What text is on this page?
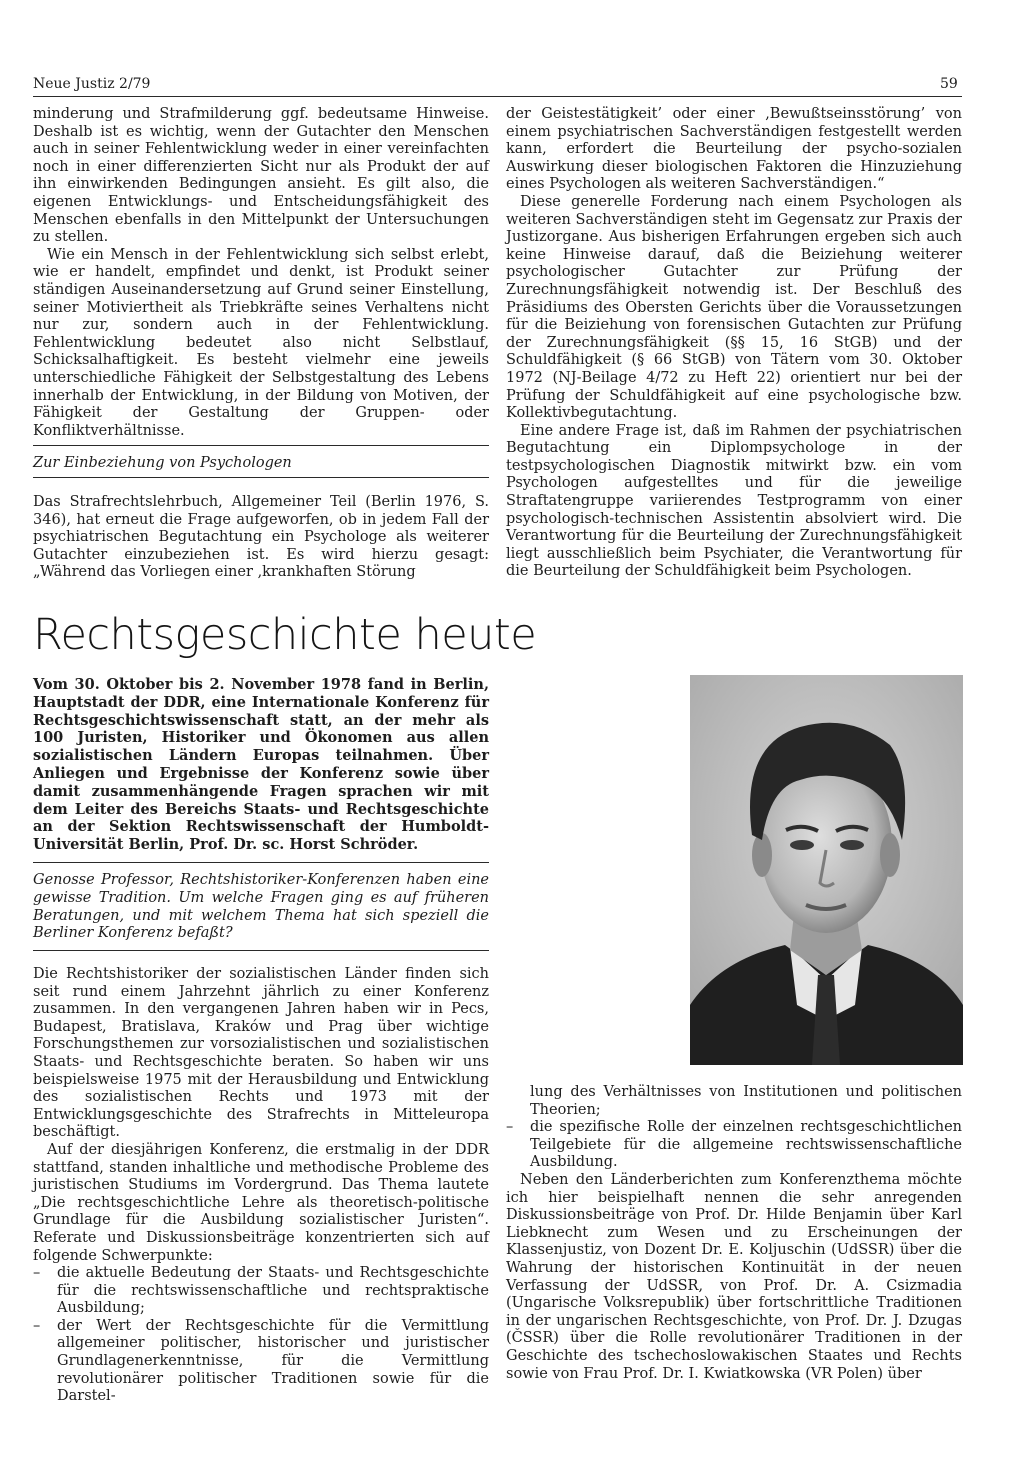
Neue Justiz 2/79	59

minderung und Strafmilderung ggf. bedeutsame Hinweise. Deshalb ist es wichtig, wenn der Gutachter den Menschen auch in seiner Fehlentwicklung weder in einer vereinfachten noch in einer differenzierten Sicht nur als Produkt der auf ihn einwirkenden Bedingungen ansieht. Es gilt also, die eigenen Entwicklungs- und Entscheidungsfähigkeit des Menschen ebenfalls in den Mittelpunkt der Untersuchungen zu stellen.

Wie ein Mensch in der Fehlentwicklung sich selbst erlebt, wie er handelt, empfindet und denkt, ist Produkt seiner ständigen Auseinandersetzung auf Grund seiner Einstellung, seiner Motiviertheit als Triebkräfte seines Verhaltens nicht nur zur, sondern auch in der Fehlentwicklung. Fehlentwicklung bedeutet also nicht Selbstlauf, Schicksalhaftigkeit. Es besteht vielmehr eine jeweils unterschiedliche Fähigkeit der Selbstgestaltung des Lebens innerhalb der Entwicklung, in der Bildung von Motiven, der Fähigkeit der Gestaltung der Gruppen- oder Konfliktverhältnisse.

Zur Einbeziehung von Psychologen

Das Strafrechtslehrbuch, Allgemeiner Teil (Berlin 1976, S. 346), hat erneut die Frage aufgeworfen, ob in jedem Fall der psychiatrischen Begutachtung ein Psychologe als weiterer Gutachter einzubeziehen ist. Es wird hierzu gesagt: „Während das Vorliegen einer ‚krankhaften Störung

der Geistestätigkeit’ oder einer ‚Bewußtseinsstörung’ von einem psychiatrischen Sachverständigen festgestellt werden kann, erfordert die Beurteilung der psycho-sozialen Auswirkung dieser biologischen Faktoren die Hinzuziehung eines Psychologen als weiteren Sachverständigen.“

Diese generelle Forderung nach einem Psychologen als weiteren Sachverständigen steht im Gegensatz zur Praxis der Justizorgane. Aus bisherigen Erfahrungen ergeben sich auch keine Hinweise darauf, daß die Beiziehung weiterer psychologischer Gutachter zur Prüfung der Zurechnungsfähigkeit notwendig ist. Der Beschluß des Präsidiums des Obersten Gerichts über die Voraussetzungen für die Beiziehung von forensischen Gutachten zur Prüfung der Zurechnungsfähigkeit (§§ 15, 16 StGB) und der Schuldfähigkeit (§ 66 StGB) von Tätern vom 30. Oktober 1972 (NJ-Beilage 4/72 zu Heft 22) orientiert nur bei der Prüfung der Schuldfähigkeit auf eine psychologische bzw. Kollektivbegutachtung.

Eine andere Frage ist, daß im Rahmen der psychiatrischen Begutachtung ein Diplompsychologe in der testpsychologischen Diagnostik mitwirkt bzw. ein vom Psychologen aufgestelltes und für die jeweilige Straftatengruppe variierendes Testprogramm von einer psychologisch-technischen Assistentin absolviert wird. Die Verantwortung für die Beurteilung der Zurechnungsfähigkeit liegt ausschließlich beim Psychiater, die Verantwortung für die Beurteilung der Schuldfähigkeit beim Psychologen.

Rechtsgeschichte heute
Vom 30. Oktober bis 2. November 1978 fand in Berlin, Hauptstadt der DDR, eine Internationale Konferenz für Rechtsgeschichtswissenschaft statt, an der mehr als 100 Juristen, Historiker und Ökonomen aus allen sozialistischen Ländern Europas teilnahmen. Über Anliegen und Ergebnisse der Konferenz sowie über damit zusammenhängende Fragen sprachen wir mit dem Leiter des Bereichs Staats- und Rechtsgeschichte an der Sektion Rechtswissenschaft der Humboldt-Universität Berlin, Prof. Dr. sc. Horst Schröder.
Genosse Professor, Rechtshistoriker-Konferenzen haben eine gewisse Tradition. Um welche Fragen ging es auf früheren Beratungen, und mit welchem Thema hat sich speziell die Berliner Konferenz befaßt?

Die Rechtshistoriker der sozialistischen Länder finden sich seit rund einem Jahrzehnt jährlich zu einer Konferenz zusammen. In den vergangenen Jahren haben wir in Pecs, Budapest, Bratislava, Kraków und Prag über wichtige Forschungsthemen zur vorsozialistischen und sozialistischen Staats- und Rechtsgeschichte beraten. So haben wir uns beispielsweise 1975 mit der Herausbildung und Entwicklung des sozialistischen Rechts und 1973 mit der Entwicklungsgeschichte des Strafrechts in Mitteleuropa beschäftigt.

Auf der diesjährigen Konferenz, die erstmalig in der DDR stattfand, standen inhaltliche und methodische Probleme des juristischen Studiums im Vordergrund. Das Thema lautete „Die rechtsgeschichtliche Lehre als theoretisch-politische Grundlage für die Ausbildung sozialistischer Juristen“. Referate und Diskussionsbeiträge konzentrierten sich auf folgende Schwerpunkte:

–	die aktuelle Bedeutung der Staats- und Rechtsgeschichte für die rechtswissenschaftliche und rechtspraktische Ausbildung;
–	der Wert der Rechtsgeschichte für die Vermittlung allgemeiner politischer, historischer und juristischer Grundlagenerkenntnisse, für die Vermittlung revolutionärer politischer Traditionen sowie für die Darstel-
lung des Verhältnisses von Institutionen und politischen Theorien;
–	die spezifische Rolle der einzelnen rechtsgeschichtlichen Teilgebiete für die allgemeine rechtswissenschaftliche Ausbildung.

Neben den Länderberichten zum Konferenzthema möchte ich hier beispielhaft nennen die sehr anregenden Diskussionsbeiträge von Prof. Dr. Hilde Benjamin über Karl Liebknecht zum Wesen und zu Erscheinungen der Klassenjustiz, von Dozent Dr. E. Koljuschin (UdSSR) über die Wahrung der historischen Kontinuität in der neuen Verfassung der UdSSR, von Prof. Dr. A. Csizmadia (Ungarische Volksrepublik) über fortschrittliche Traditionen in der ungarischen Rechtsgeschichte, von Prof. Dr. J. Dzugas (ČSSR) über die Rolle revolutionärer Traditionen in der Geschichte des tschechoslowakischen Staates und Rechts sowie von Frau Prof. Dr. I. Kwiatkowska (VR Polen) über
